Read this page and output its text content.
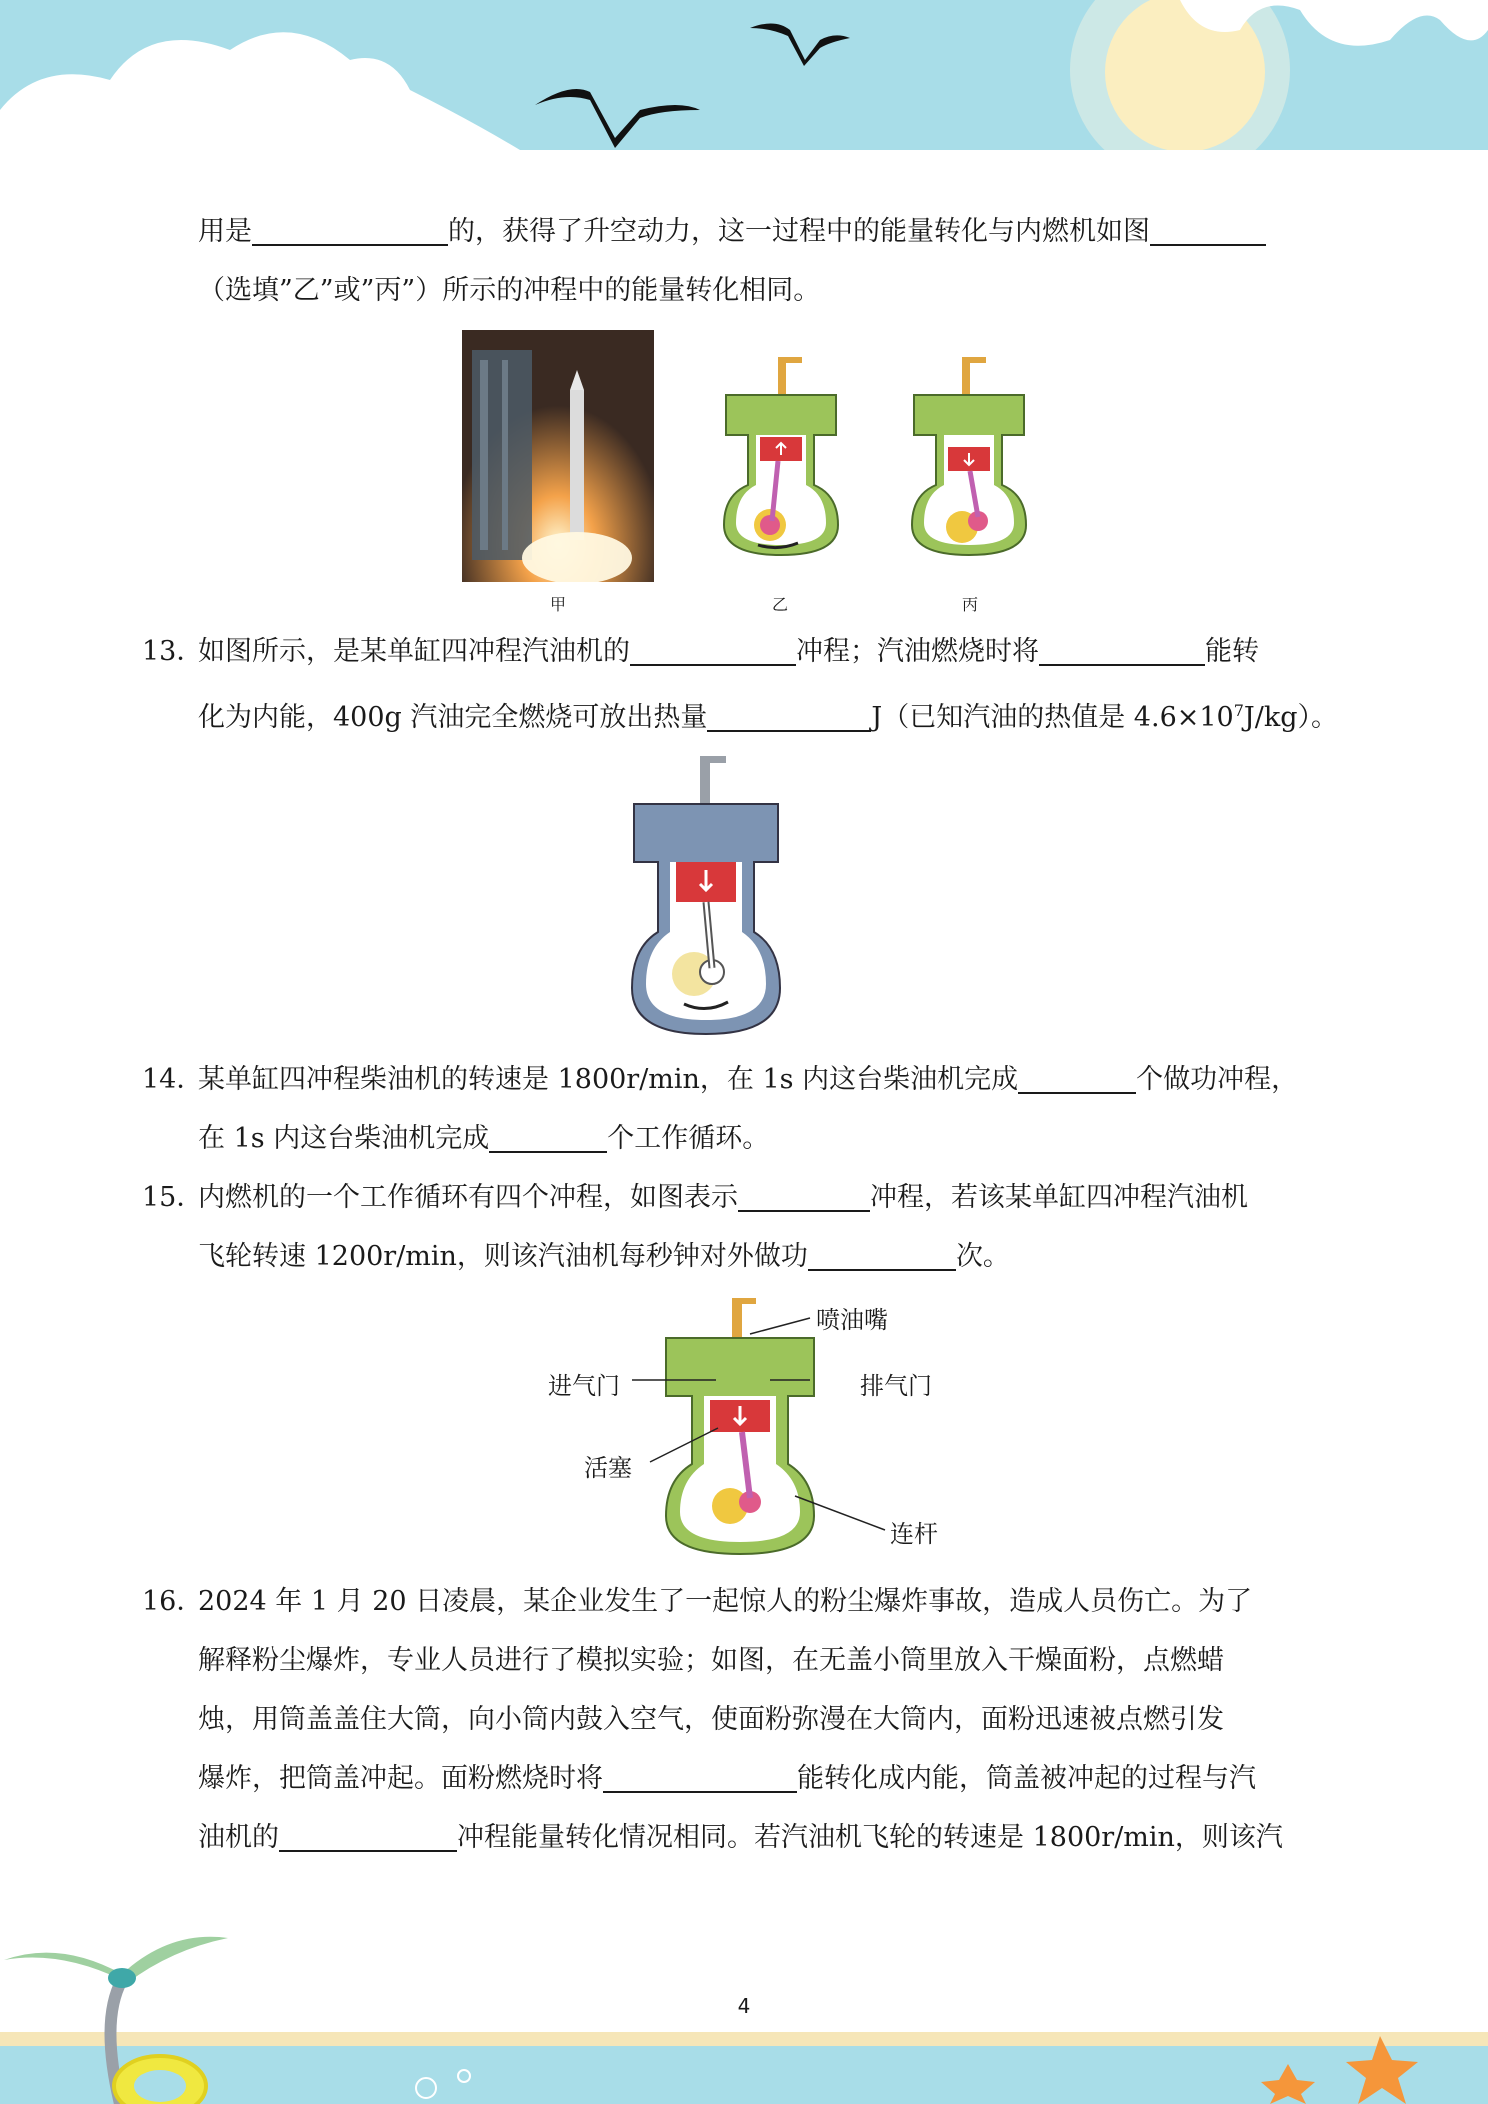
用是	的，获得了升空动力，这一过程中的能量转化与内燃机如图
（选填”乙”或”丙”）所示的冲程中的能量转化相同。
甲	乙	丙
13．如图所示，是某单缸四冲程汽油机的	冲程；汽油燃烧时将	能转
化为内能，400g 汽油完全燃烧可放出热量	J（已知汽油的热值是 $4.6\times 10^7J/kg$）。
14．某单缸四冲程柴油机的转速是 1800r/min，在 1s 内这台柴油机完成	个做功冲程，
在 1s 内这台柴油机完成	个工作循环。
15．内燃机的一个工作循环有四个冲程，如图表示	冲程，若该某单缸四冲程汽油机
飞轮转速 1200r/min，则该汽油机每秒钟对外做功	次。
喷油嘴
进气门	排气门
活塞
连杆
16．2024 年 1 月 20 日凌晨，某企业发生了一起惊人的粉尘爆炸事故，造成人员伤亡。为了
解释粉尘爆炸，专业人员进行了模拟实验；如图，在无盖小筒里放入干燥面粉，点燃蜡
烛，用筒盖盖住大筒，向小筒内鼓入空气，使面粉弥漫在大筒内，面粉迅速被点燃引发
爆炸，把筒盖冲起。面粉燃烧时将	能转化成内能，筒盖被冲起的过程与汽
油机的	冲程能量转化情况相同。若汽油机飞轮的转速是 1800r/min，则该汽
4
